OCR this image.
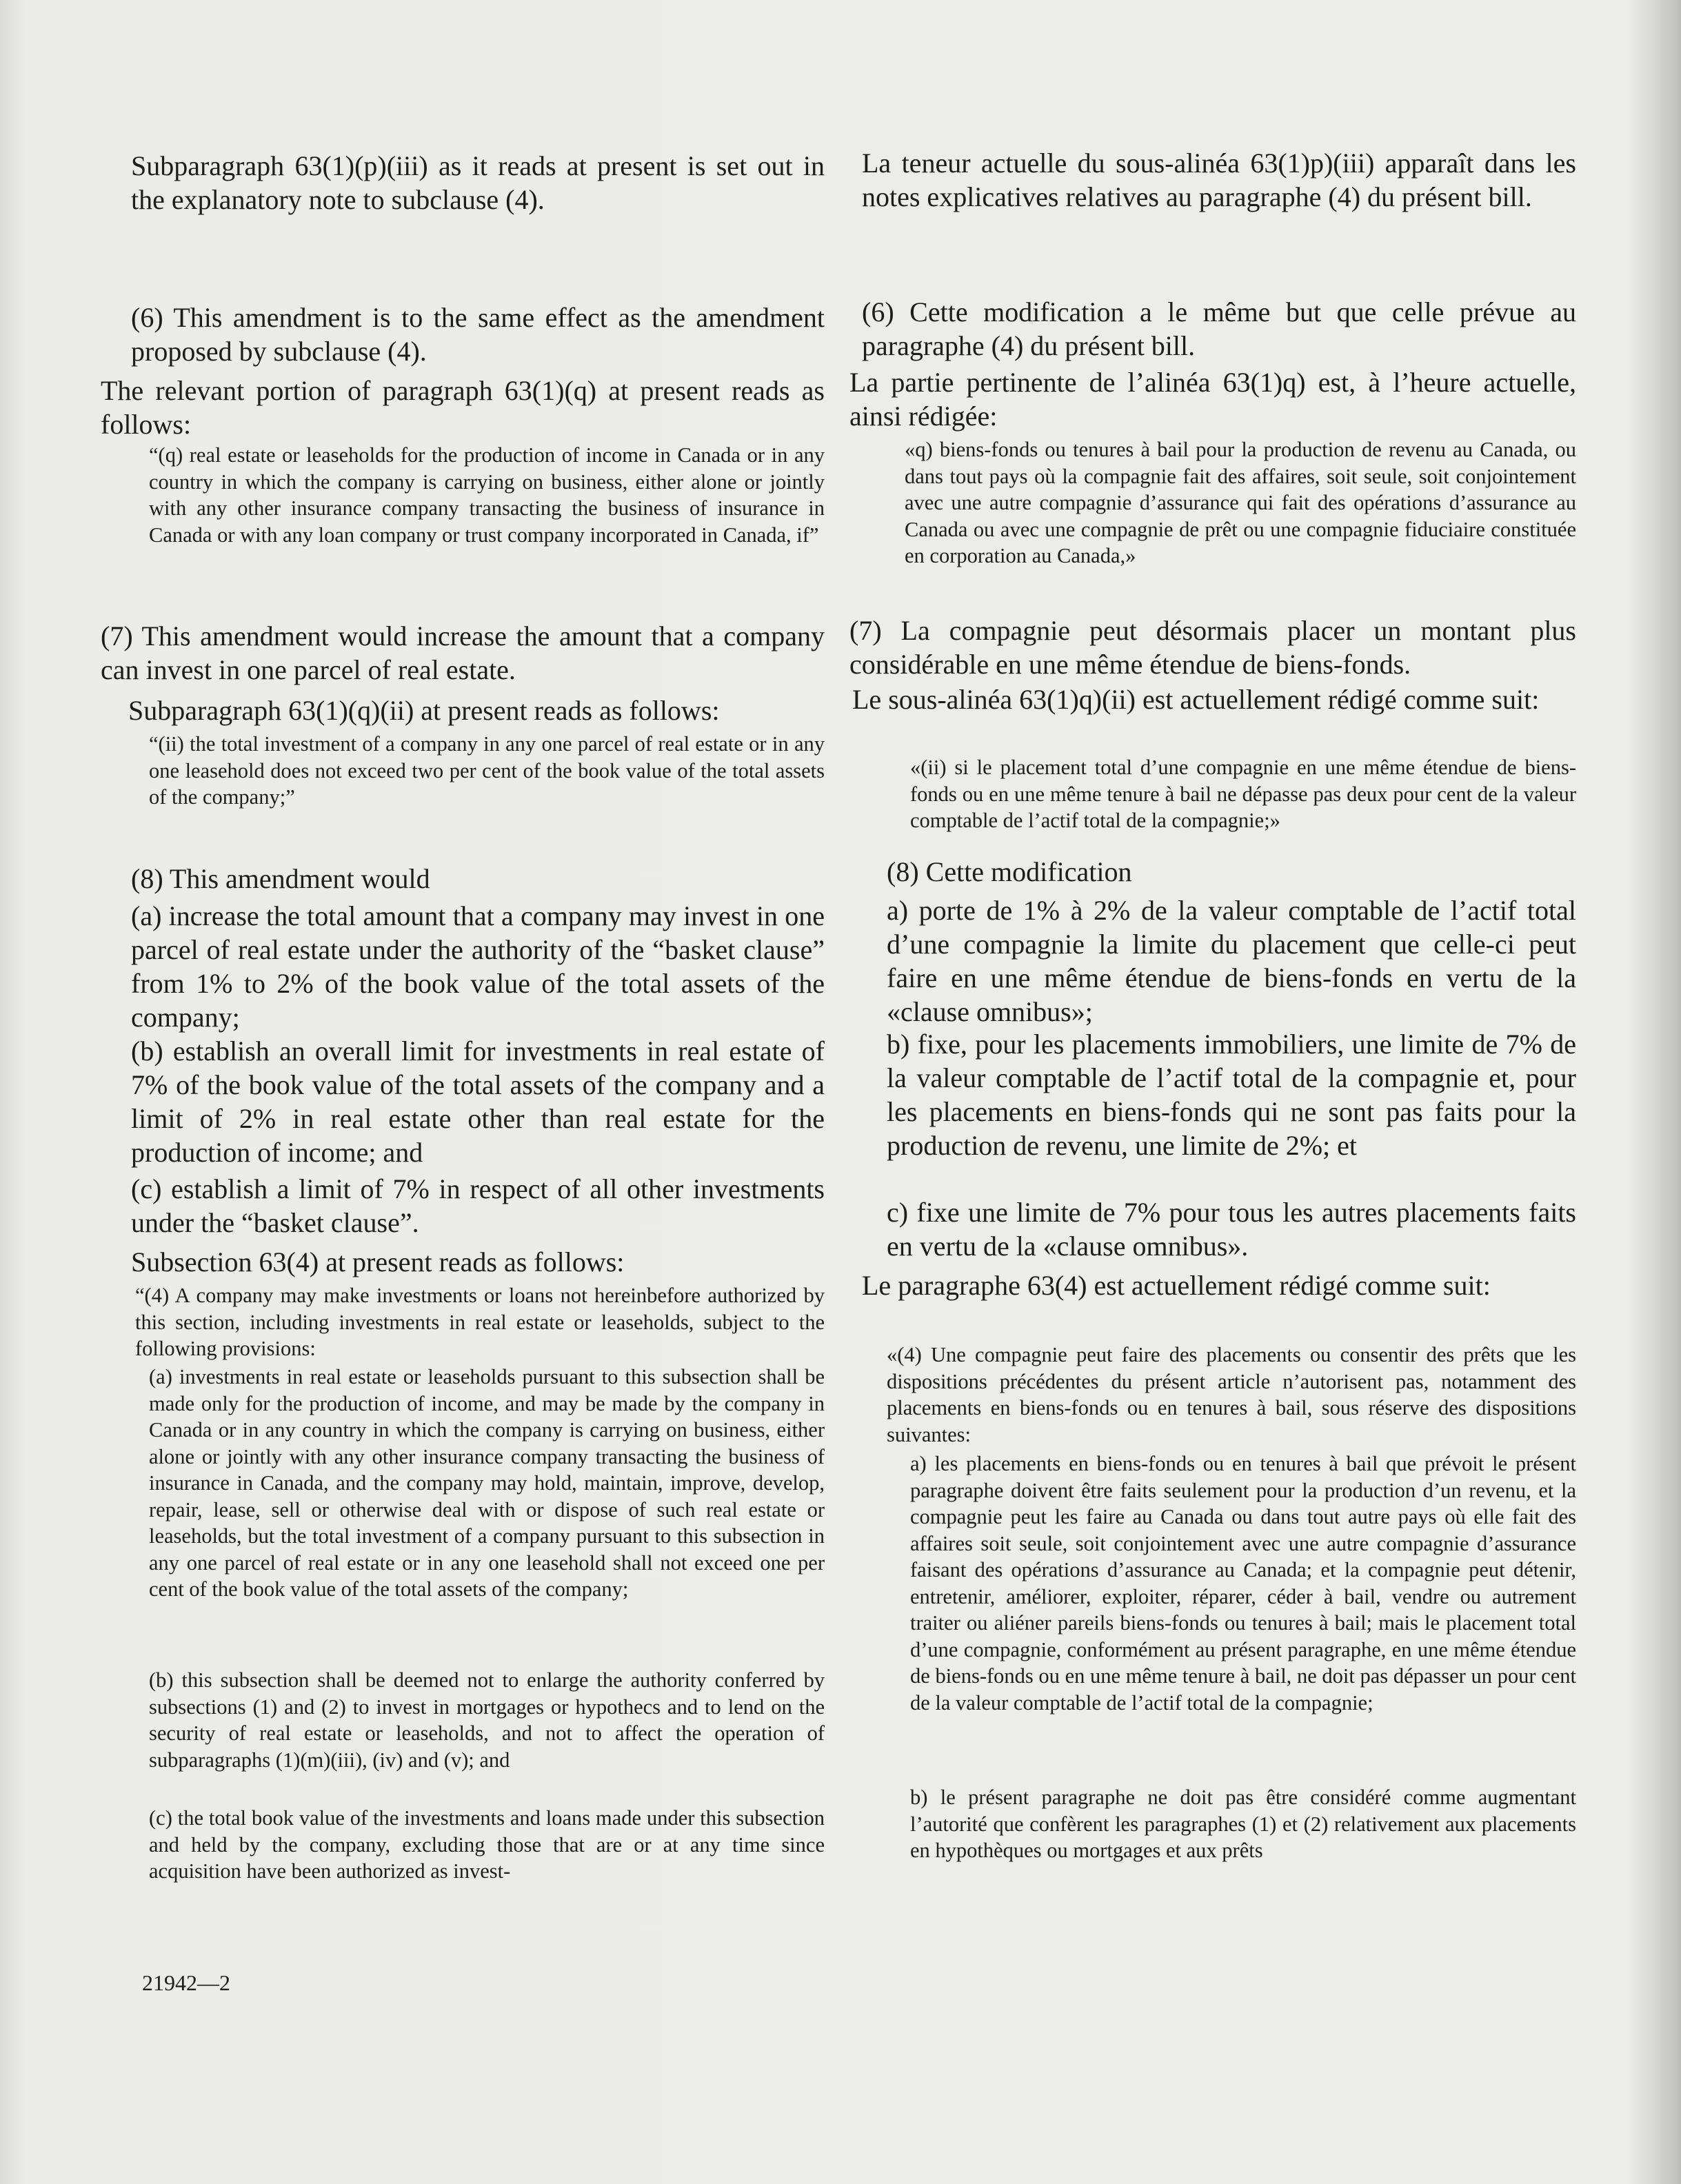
Subparagraph 63(1)(p)(iii) as it reads at present is set out in the explanatory note to subclause (4).

(6) This amendment is to the same effect as the amendment proposed by subclause (4).

The relevant portion of paragraph 63(1)(q) at present reads as follows:

“(q) real estate or leaseholds for the production of income in Canada or in any country in which the company is carrying on business, either alone or jointly with any other insurance company transacting the business of insurance in Canada or with any loan company or trust company incorporated in Canada, if”

(7) This amendment would increase the amount that a company can invest in one parcel of real estate.

Subparagraph 63(1)(q)(ii) at present reads as follows:

“(ii) the total investment of a company in any one parcel of real estate or in any one leasehold does not exceed two per cent of the book value of the total assets of the company;”

(8) This amendment would

(a) increase the total amount that a company may invest in one parcel of real estate under the authority of the “basket clause” from 1% to 2% of the book value of the total assets of the company;

(b) establish an overall limit for investments in real estate of 7% of the book value of the total assets of the company and a limit of 2% in real estate other than real estate for the production of income; and

(c) establish a limit of 7% in respect of all other investments under the “basket clause”.

Subsection 63(4) at present reads as follows:

“(4) A company may make investments or loans not hereinbefore authorized by this section, including investments in real estate or leaseholds, subject to the following provisions:

(a) investments in real estate or leaseholds pursuant to this subsection shall be made only for the production of income, and may be made by the company in Canada or in any country in which the company is carrying on business, either alone or jointly with any other insurance company transacting the business of insurance in Canada, and the company may hold, maintain, improve, develop, repair, lease, sell or otherwise deal with or dispose of such real estate or leaseholds, but the total investment of a company pursuant to this subsection in any one parcel of real estate or in any one leasehold shall not exceed one per cent of the book value of the total assets of the company;

(b) this subsection shall be deemed not to enlarge the authority conferred by subsections (1) and (2) to invest in mortgages or hypothecs and to lend on the security of real estate or leaseholds, and not to affect the operation of subparagraphs (1)(m)(iii), (iv) and (v); and

(c) the total book value of the investments and loans made under this subsection and held by the company, excluding those that are or at any time since acquisition have been authorized as invest-

La teneur actuelle du sous-alinéa 63(1)p)(iii) apparaît dans les notes explicatives relatives au paragraphe (4) du présent bill.

(6) Cette modification a le même but que celle prévue au paragraphe (4) du présent bill.

La partie pertinente de l’alinéa 63(1)q) est, à l’heure actuelle, ainsi rédigée:

«q) biens-fonds ou tenures à bail pour la production de revenu au Canada, ou dans tout pays où la compagnie fait des affaires, soit seule, soit conjointement avec une autre compagnie d’assurance qui fait des opérations d’assurance au Canada ou avec une compagnie de prêt ou une compagnie fiduciaire constituée en corporation au Canada,»

(7) La compagnie peut désormais placer un montant plus considérable en une même étendue de biens-fonds.

Le sous-alinéa 63(1)q)(ii) est actuellement rédigé comme suit:

«(ii) si le placement total d’une compagnie en une même étendue de biens-fonds ou en une même tenure à bail ne dépasse pas deux pour cent de la valeur comptable de l’actif total de la compagnie;»

(8) Cette modification

a) porte de 1% à 2% de la valeur comptable de l’actif total d’une compagnie la limite du placement que celle-ci peut faire en une même étendue de biens-fonds en vertu de la «clause omnibus»;

b) fixe, pour les placements immobiliers, une limite de 7% de la valeur comptable de l’actif total de la compagnie et, pour les placements en biens-fonds qui ne sont pas faits pour la production de revenu, une limite de 2%; et

c) fixe une limite de 7% pour tous les autres placements faits en vertu de la «clause omnibus».

Le paragraphe 63(4) est actuellement rédigé comme suit:

«(4) Une compagnie peut faire des placements ou consentir des prêts que les dispositions précédentes du présent article n’autorisent pas, notamment des placements en biens-fonds ou en tenures à bail, sous réserve des dispositions suivantes:

a) les placements en biens-fonds ou en tenures à bail que prévoit le présent paragraphe doivent être faits seulement pour la production d’un revenu, et la compagnie peut les faire au Canada ou dans tout autre pays où elle fait des affaires soit seule, soit conjointement avec une autre compagnie d’assurance faisant des opérations d’assurance au Canada; et la compagnie peut détenir, entretenir, améliorer, exploiter, réparer, céder à bail, vendre ou autrement traiter ou aliéner pareils biens-fonds ou tenures à bail; mais le placement total d’une compagnie, conformément au présent paragraphe, en une même étendue de biens-fonds ou en une même tenure à bail, ne doit pas dépasser un pour cent de la valeur comptable de l’actif total de la compagnie;

b) le présent paragraphe ne doit pas être considéré comme augmentant l’autorité que confèrent les paragraphes (1) et (2) relativement aux placements en hypothèques ou mortgages et aux prêts

21942—2
